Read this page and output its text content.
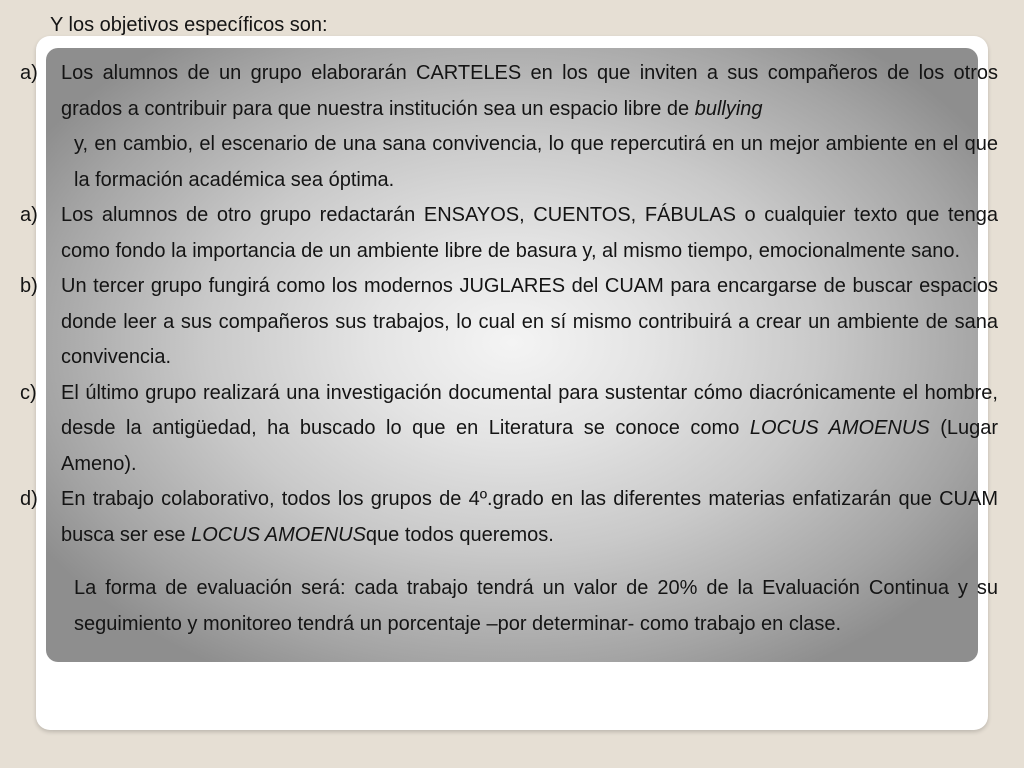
Y los objetivos específicos son:
a) Los alumnos de un grupo elaborarán CARTELES en los que inviten a sus compañeros de los otros grados a contribuir para que nuestra institución sea un espacio libre de bullying

y, en cambio, el escenario de una sana convivencia, lo que repercutirá en un mejor ambiente en el que la formación académica sea óptima.

a) Los alumnos de otro grupo redactarán ENSAYOS, CUENTOS, FÁBULAS o cualquier texto que tenga como fondo la importancia de un ambiente libre de basura y, al mismo tiempo, emocionalmente sano.

b) Un tercer grupo fungirá como los modernos JUGLARES del CUAM para encargarse de buscar espacios donde leer a sus compañeros sus trabajos, lo cual en sí mismo contribuirá a crear un ambiente de sana convivencia.

c) El último grupo realizará una investigación documental para sustentar cómo diacrónicamente el hombre, desde la antigüedad, ha buscado lo que en Literatura se conoce como LOCUS AMOENUS (Lugar Ameno).

d) En trabajo colaborativo, todos los grupos de 4º.grado en las diferentes materias enfatizarán que CUAM busca ser ese LOCUS AMOENUSque todos queremos.

La forma de evaluación será: cada trabajo tendrá un valor de 20% de la Evaluación Continua y su seguimiento y monitoreo tendrá un porcentaje –por determinar- como trabajo en clase.
